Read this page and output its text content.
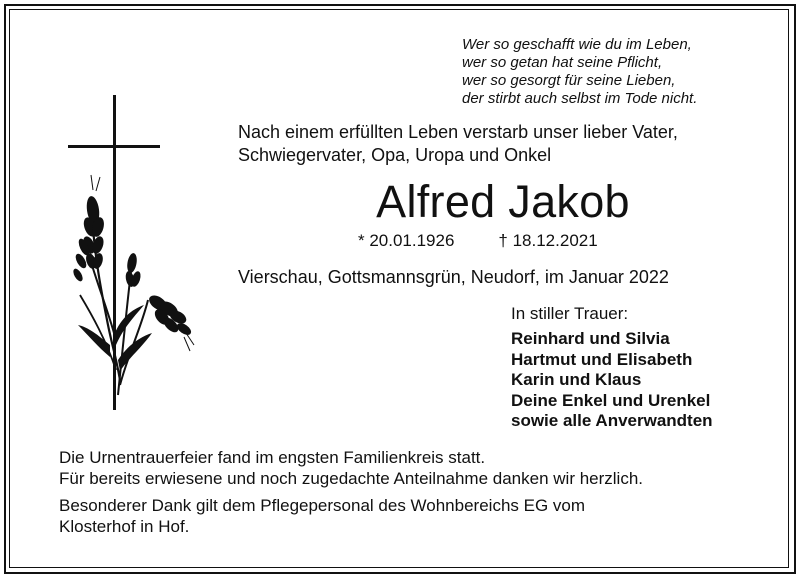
Wer so geschafft wie du im Leben,
wer so getan hat seine Pflicht,
wer so gesorgt für seine Lieben,
der stirbt auch selbst im Tode nicht.
Nach einem erfüllten Leben verstarb unser lieber Vater,
Schwiegervater, Opa, Uropa und Onkel
Alfred Jakob
* 20.01.1926	† 18.12.2021
Vierschau, Gottsmannsgrün, Neudorf, im Januar 2022
In stiller Trauer:
Reinhard und Silvia
Hartmut und Elisabeth
Karin und Klaus
Deine Enkel und Urenkel
sowie alle Anverwandten

Die Urnentrauerfeier fand im engsten Familienkreis statt.
Für bereits erwiesene und noch zugedachte Anteilnahme danken wir herzlich.

Besonderer Dank gilt dem Pflegepersonal des Wohnbereichs EG vom
Klosterhof in Hof.
